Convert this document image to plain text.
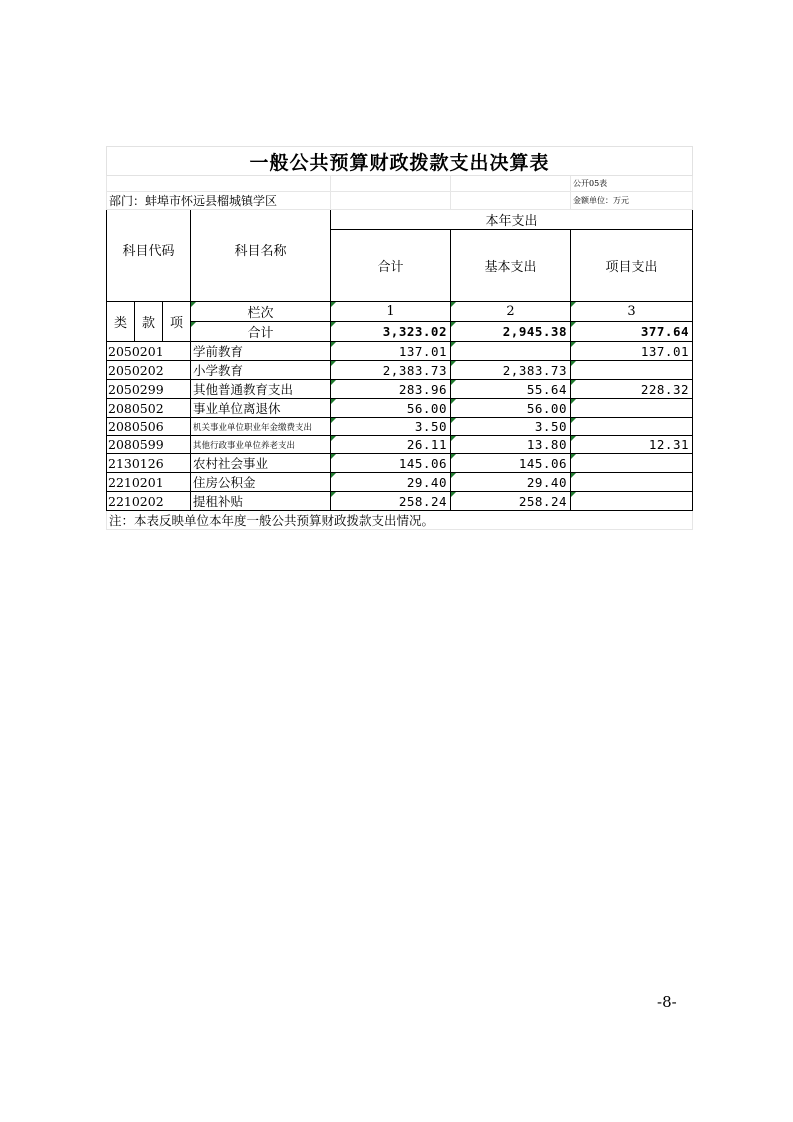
一般公共预算财政拨款支出决算表						
						公开05表
部门：蚌埠市怀远县榴城镇学区						金额单位：万元
科目代码			科目名称	本年支出		
				合计	基本支出	项目支出
类	款	项	栏次	1	2	3
			合计	3,323.02	2,945.38	377.64
2050201			学前教育	137.01		137.01
2050202			小学教育	2,383.73	2,383.73	
2050299			其他普通教育支出	283.96	55.64	228.32
2080502			事业单位离退休	56.00	56.00	
2080506			机关事业单位职业年金缴费支出	3.50	3.50	
2080599			其他行政事业单位养老支出	26.11	13.80	12.31
2130126			农村社会事业	145.06	145.06	
2210201			住房公积金	29.40	29.40	
2210202			提租补贴	258.24	258.24	
注：本表反映单位本年度一般公共预算财政拨款支出情况。						
-8-
